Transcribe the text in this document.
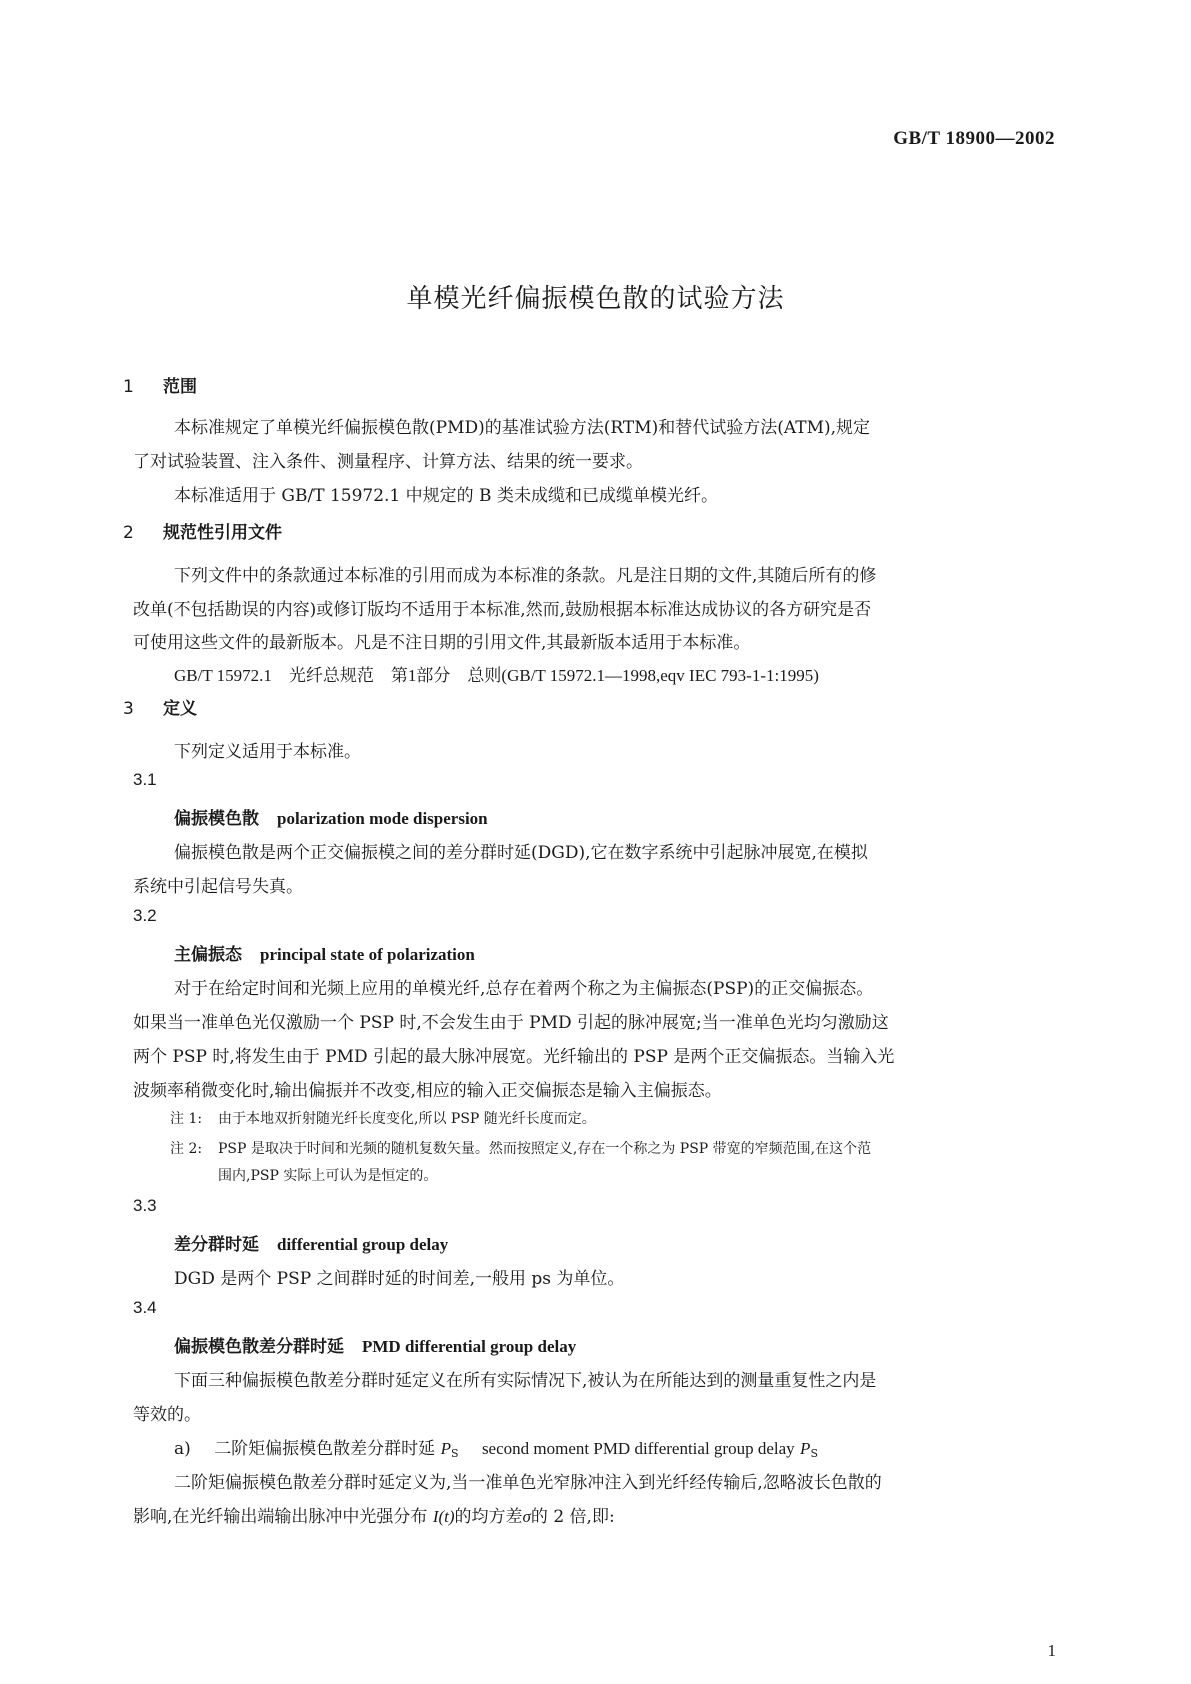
GB/T 18900—2002
单模光纤偏振模色散的试验方法
1 范围
本标准规定了单模光纤偏振模色散(PMD)的基准试验方法(RTM)和替代试验方法(ATM),规定
了对试验装置、注入条件、测量程序、计算方法、结果的统一要求。
本标准适用于 GB/T 15972.1 中规定的 B 类未成缆和已成缆单模光纤。
2 规范性引用文件
下列文件中的条款通过本标准的引用而成为本标准的条款。凡是注日期的文件,其随后所有的修
改单(不包括勘误的内容)或修订版均不适用于本标准,然而,鼓励根据本标准达成协议的各方研究是否
可使用这些文件的最新版本。凡是不注日期的引用文件,其最新版本适用于本标准。
GB/T 15972.1　光纤总规范　第1部分　总则(GB/T 15972.1—1998,eqv IEC 793-1-1:1995)
3 定义
下列定义适用于本标准。
3.1
偏振模色散 polarization mode dispersion
偏振模色散是两个正交偏振模之间的差分群时延(DGD),它在数字系统中引起脉冲展宽,在模拟
系统中引起信号失真。
3.2
主偏振态 principal state of polarization
对于在给定时间和光频上应用的单模光纤,总存在着两个称之为主偏振态(PSP)的正交偏振态。
如果当一准单色光仅激励一个 PSP 时,不会发生由于 PMD 引起的脉冲展宽;当一准单色光均匀激励这
两个 PSP 时,将发生由于 PMD 引起的最大脉冲展宽。光纤输出的 PSP 是两个正交偏振态。当输入光
波频率稍微变化时,输出偏振并不改变,相应的输入正交偏振态是输入主偏振态。
注 1: 由于本地双折射随光纤长度变化,所以 PSP 随光纤长度而定。
注 2: PSP 是取决于时间和光频的随机复数矢量。然而按照定义,存在一个称之为 PSP 带宽的窄频范围,在这个范
围内,PSP 实际上可认为是恒定的。
3.3
差分群时延 differential group delay
DGD 是两个 PSP 之间群时延的时间差,一般用 ps 为单位。
3.4
偏振模色散差分群时延 PMD differential group delay
下面三种偏振模色散差分群时延定义在所有实际情况下,被认为在所能达到的测量重复性之内是
等效的。
a) 二阶矩偏振模色散差分群时延 $P_S$ second moment PMD differential group delay $P_S$
二阶矩偏振模色散差分群时延定义为,当一准单色光窄脉冲注入到光纤经传输后,忽略波长色散的
影响,在光纤输出端输出脉冲中光强分布 I(t)的均方差σ的 2 倍,即:
1
